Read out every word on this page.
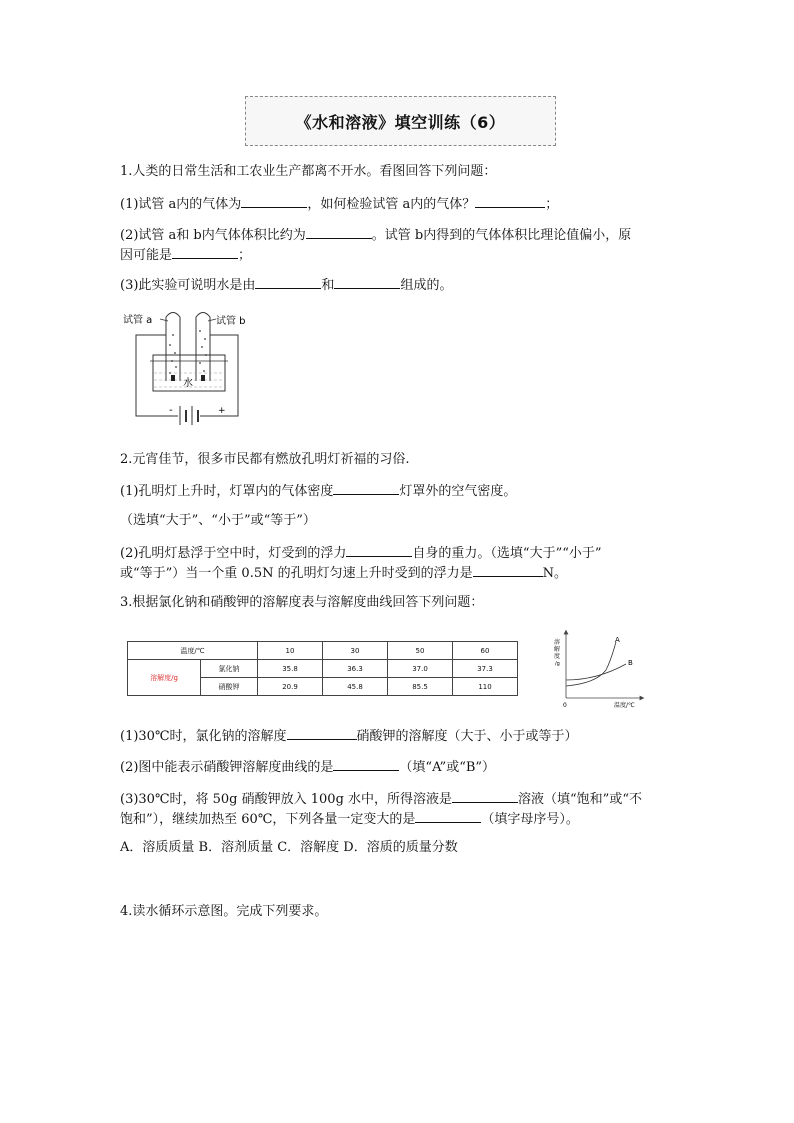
《水和溶液》填空训练（6）
1.人类的日常生活和工农业生产都离不开水。看图回答下列问题：
(1)试管 a内的气体为	，如何检验试管 a内的气体？	；
(2)试管 a和 b内气体体积比约为	。试管 b内得到的气体体积比理论值偏小，原
因可能是	；
(3)此实验可说明水是由	和	组成的。
试管 a	试管 b
水
-	+
2.元宵佳节，很多市民都有燃放孔明灯祈福的习俗.
(1)孔明灯上升时，灯罩内的气体密度	灯罩外的空气密度。
（选填“大于”、“小于”或“等于”）
(2)孔明灯悬浮于空中时，灯受到的浮力	自身的重力。（选填“大于”“小于”
或“等于”）当一个重 0.5N 的孔明灯匀速上升时受到的浮力是	N。
3.根据氯化钠和硝酸钾的溶解度表与溶解度曲线回答下列问题：
温度/℃		10	30	50	60
溶解度/g	氯化钠	35.8	36.3	37.0	37.3
	硝酸钾	20.9	45.8	85.5	110
溶
解
度
/g
0	温度/℃
A
B
(1)30℃时，氯化钠的溶解度	硝酸钾的溶解度（大于、小于或等于）
(2)图中能表示硝酸钾溶解度曲线的是	（填“A”或“B”）
(3)30℃时，将 50g 硝酸钾放入 100g 水中，所得溶液是	溶液（填“饱和”或“不
饱和”），继续加热至 60℃，下列各量一定变大的是	（填字母序号）。
A．溶质质量 B．溶剂质量 C．溶解度 D．溶质的质量分数
4.读水循环示意图。完成下列要求。
